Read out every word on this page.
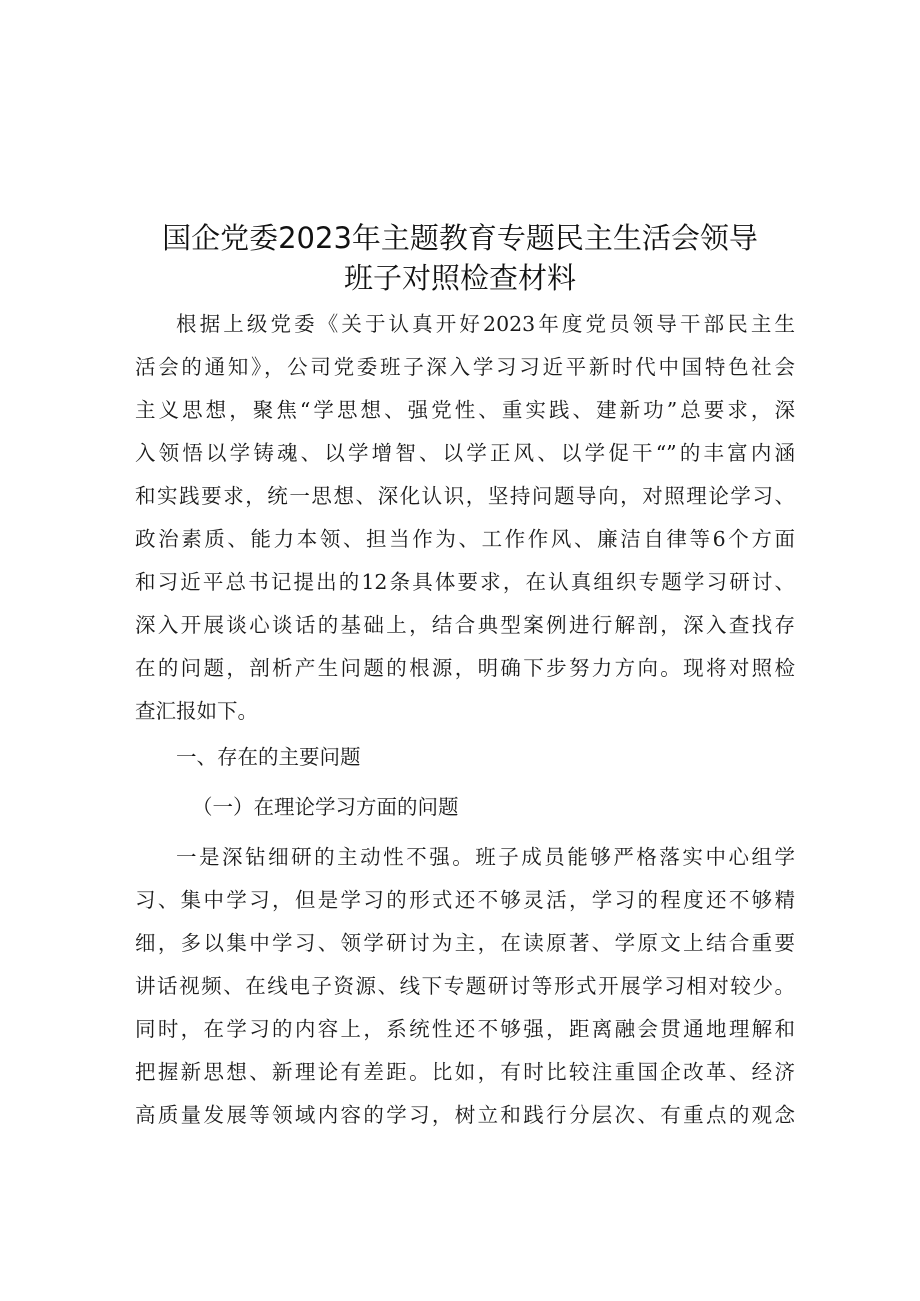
国企党委2023年主题教育专题民主生活会领导
班子对照检查材料
根据上级党委《关于认真开好2023年度党员领导干部民主生
活会的通知》，公司党委班子深入学习习近平新时代中国特色社会
主义思想，聚焦“学思想、强党性、重实践、建新功”总要求，深
入领悟以学铸魂、以学增智、以学正风、以学促干“”的丰富内涵
和实践要求，统一思想、深化认识，坚持问题导向，对照理论学习、
政治素质、能力本领、担当作为、工作作风、廉洁自律等6个方面
和习近平总书记提出的12条具体要求，在认真组织专题学习研讨、
深入开展谈心谈话的基础上，结合典型案例进行解剖，深入查找存
在的问题，剖析产生问题的根源，明确下步努力方向。现将对照检
查汇报如下。
一、存在的主要问题
（一）在理论学习方面的问题
一是深钻细研的主动性不强。班子成员能够严格落实中心组学
习、集中学习，但是学习的形式还不够灵活，学习的程度还不够精
细，多以集中学习、领学研讨为主，在读原著、学原文上结合重要
讲话视频、在线电子资源、线下专题研讨等形式开展学习相对较少。
同时，在学习的内容上，系统性还不够强，距离融会贯通地理解和
把握新思想、新理论有差距。比如，有时比较注重国企改革、经济
高质量发展等领域内容的学习，树立和践行分层次、有重点的观念
